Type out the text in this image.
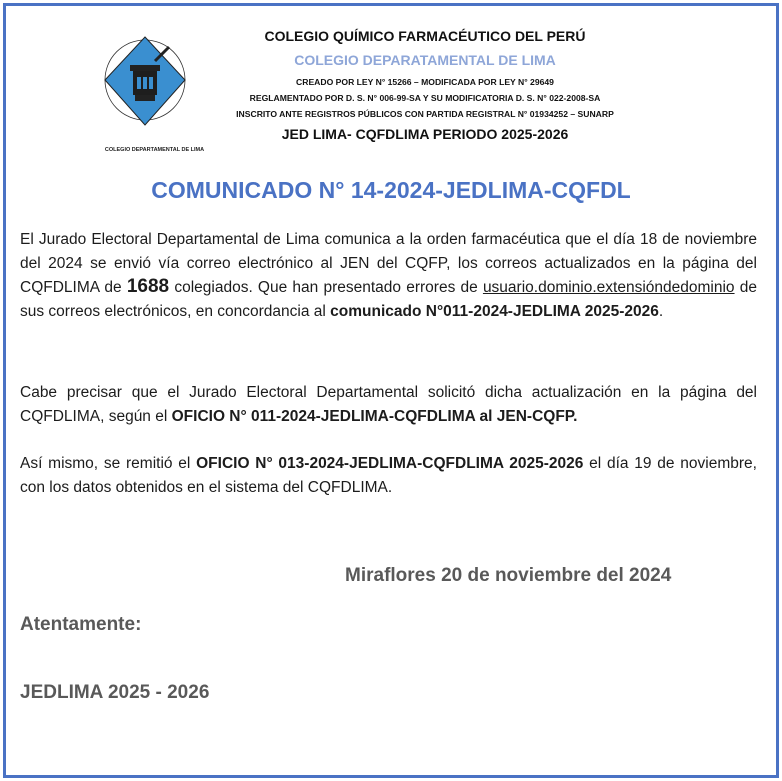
COLEGIO DEPARTAMENTAL DE LIMA
COLEGIO QUÍMICO FARMACÉUTICO DEL PERÚ
COLEGIO DEPARATAMENTAL DE LIMA
CREADO POR LEY N° 15266 – MODIFICADA POR LEY N° 29649
REGLAMENTADO POR D. S. N° 006-99-SA Y SU MODIFICATORIA D. S. N° 022-2008-SA
INSCRITO ANTE REGISTROS PÚBLICOS CON PARTIDA REGISTRAL N° 01934252 – SUNARP
JED LIMA- CQFDLIMA PERIODO 2025-2026
COMUNICADO N° 14-2024-JEDLIMA-CQFDL
El Jurado Electoral Departamental de Lima comunica a la orden farmacéutica que el día 18 de noviembre del 2024 se envió vía correo electrónico al JEN del CQFP, los correos actualizados en la página del CQFDLIMA de 1688 colegiados. Que han presentado errores de usuario.dominio.extensióndedominio de sus correos electrónicos, en concordancia al comunicado N°011-2024-JEDLIMA 2025-2026.
Cabe precisar que el Jurado Electoral Departamental solicitó dicha actualización en la página del CQFDLIMA, según el OFICIO N° 011-2024-JEDLIMA-CQFDLIMA al JEN-CQFP.
Así mismo, se remitió el OFICIO N° 013-2024-JEDLIMA-CQFDLIMA 2025-2026 el día 19 de noviembre, con los datos obtenidos en el sistema del CQFDLIMA.
Miraflores 20 de noviembre del 2024
Atentamente:
JEDLIMA 2025 - 2026
